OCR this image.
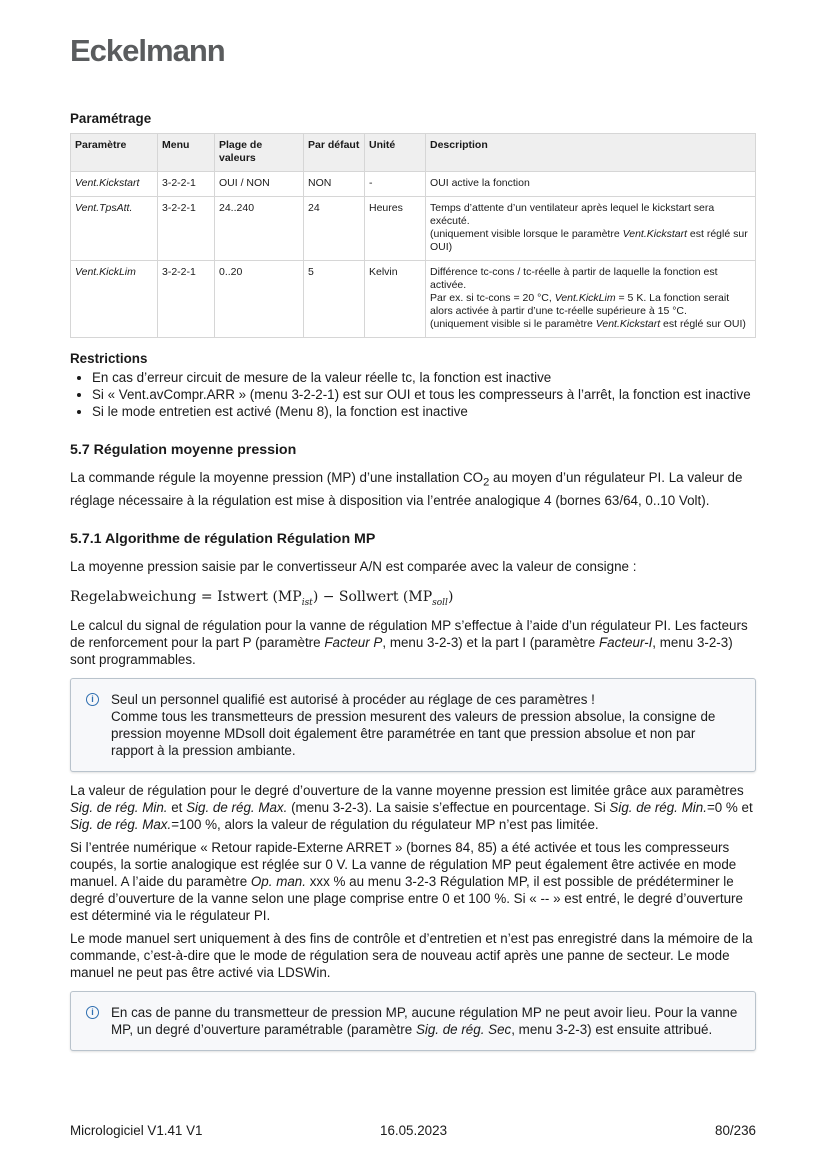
Eckelmann
Paramétrage
Paramètre	Menu	Plage de valeurs	Par défaut	Unité	Description
Vent.Kickstart	3-2-2-1	OUI / NON	NON	-	OUI active la fonction

Vent.TpsAtt.	3-2-2-1	24..240	24	Heures	Temps d’attente d’un ventilateur après lequel le kickstart sera exécuté.
(uniquement visible lorsque le paramètre Vent.Kickstart est réglé sur OUI)

Vent.KickLim	3-2-2-1	0..20	5	Kelvin	Différence tc-cons / tc-réelle à partir de laquelle la fonction est activée.
Par ex. si tc-cons = 20 °C, Vent.KickLim = 5 K. La fonction serait alors activée à partir d’une tc-réelle supérieure à 15 °C.
(uniquement visible si le paramètre Vent.Kickstart est réglé sur OUI)
Restrictions
• En cas d’erreur circuit de mesure de la valeur réelle tc, la fonction est inactive
• Si « Vent.avCompr.ARR » (menu 3-2-2-1) est sur OUI et tous les compresseurs à l’arrêt, la fonction est inactive
• Si le mode entretien est activé (Menu 8), la fonction est inactive
5.7 Régulation moyenne pression

La commande régule la moyenne pression (MP) d’une installation $CO_2$ au moyen d’un régulateur PI. La valeur de réglage nécessaire à la régulation est mise à disposition via l’entrée analogique 4 (bornes 63/64, 0..10 Volt).

5.7.1 Algorithme de régulation Régulation MP

La moyenne pression saisie par le convertisseur A/N est comparée avec la valeur de consigne :

Regelabweichung = Istwert $(MP_{ist})$ − Sollwert $(MP_{soll})$

Le calcul du signal de régulation pour la vanne de régulation MP s’effectue à l’aide d’un régulateur PI. Les facteurs de renforcement pour la part P (paramètre Facteur P, menu 3-2-3) et la part I (paramètre Facteur-I, menu 3-2-3) sont programmables.

i	Seul un personnel qualifié est autorisé à procéder au réglage de ces paramètres !
Comme tous les transmetteurs de pression mesurent des valeurs de pression absolue, la consigne de pression moyenne MDsoll doit également être paramétrée en tant que pression absolue et non par rapport à la pression ambiante.

La valeur de régulation pour le degré d’ouverture de la vanne moyenne pression est limitée grâce aux paramètres Sig. de rég. Min. et Sig. de rég. Max. (menu 3-2-3). La saisie s’effectue en pourcentage. Si Sig. de rég. Min.=0 % et Sig. de rég. Max.=100 %, alors la valeur de régulation du régulateur MP n’est pas limitée.

Si l’entrée numérique « Retour rapide-Externe ARRET » (bornes 84, 85) a été activée et tous les compresseurs coupés, la sortie analogique est réglée sur 0 V. La vanne de régulation MP peut également être activée en mode manuel. A l’aide du paramètre Op. man. xxx % au menu 3-2-3 Régulation MP, il est possible de prédéterminer le degré d’ouverture de la vanne selon une plage comprise entre 0 et 100 %. Si « -- » est entré, le degré d’ouverture est déterminé via le régulateur PI.

Le mode manuel sert uniquement à des fins de contrôle et d’entretien et n’est pas enregistré dans la mémoire de la commande, c’est-à-dire que le mode de régulation sera de nouveau actif après une panne de secteur. Le mode manuel ne peut pas être activé via LDSWin.

i	En cas de panne du transmetteur de pression MP, aucune régulation MP ne peut avoir lieu. Pour la vanne MP, un degré d’ouverture paramétrable (paramètre Sig. de rég. Sec, menu 3-2-3) est ensuite attribué.
Micrologiciel V1.41 V1	16.05.2023	80/236
